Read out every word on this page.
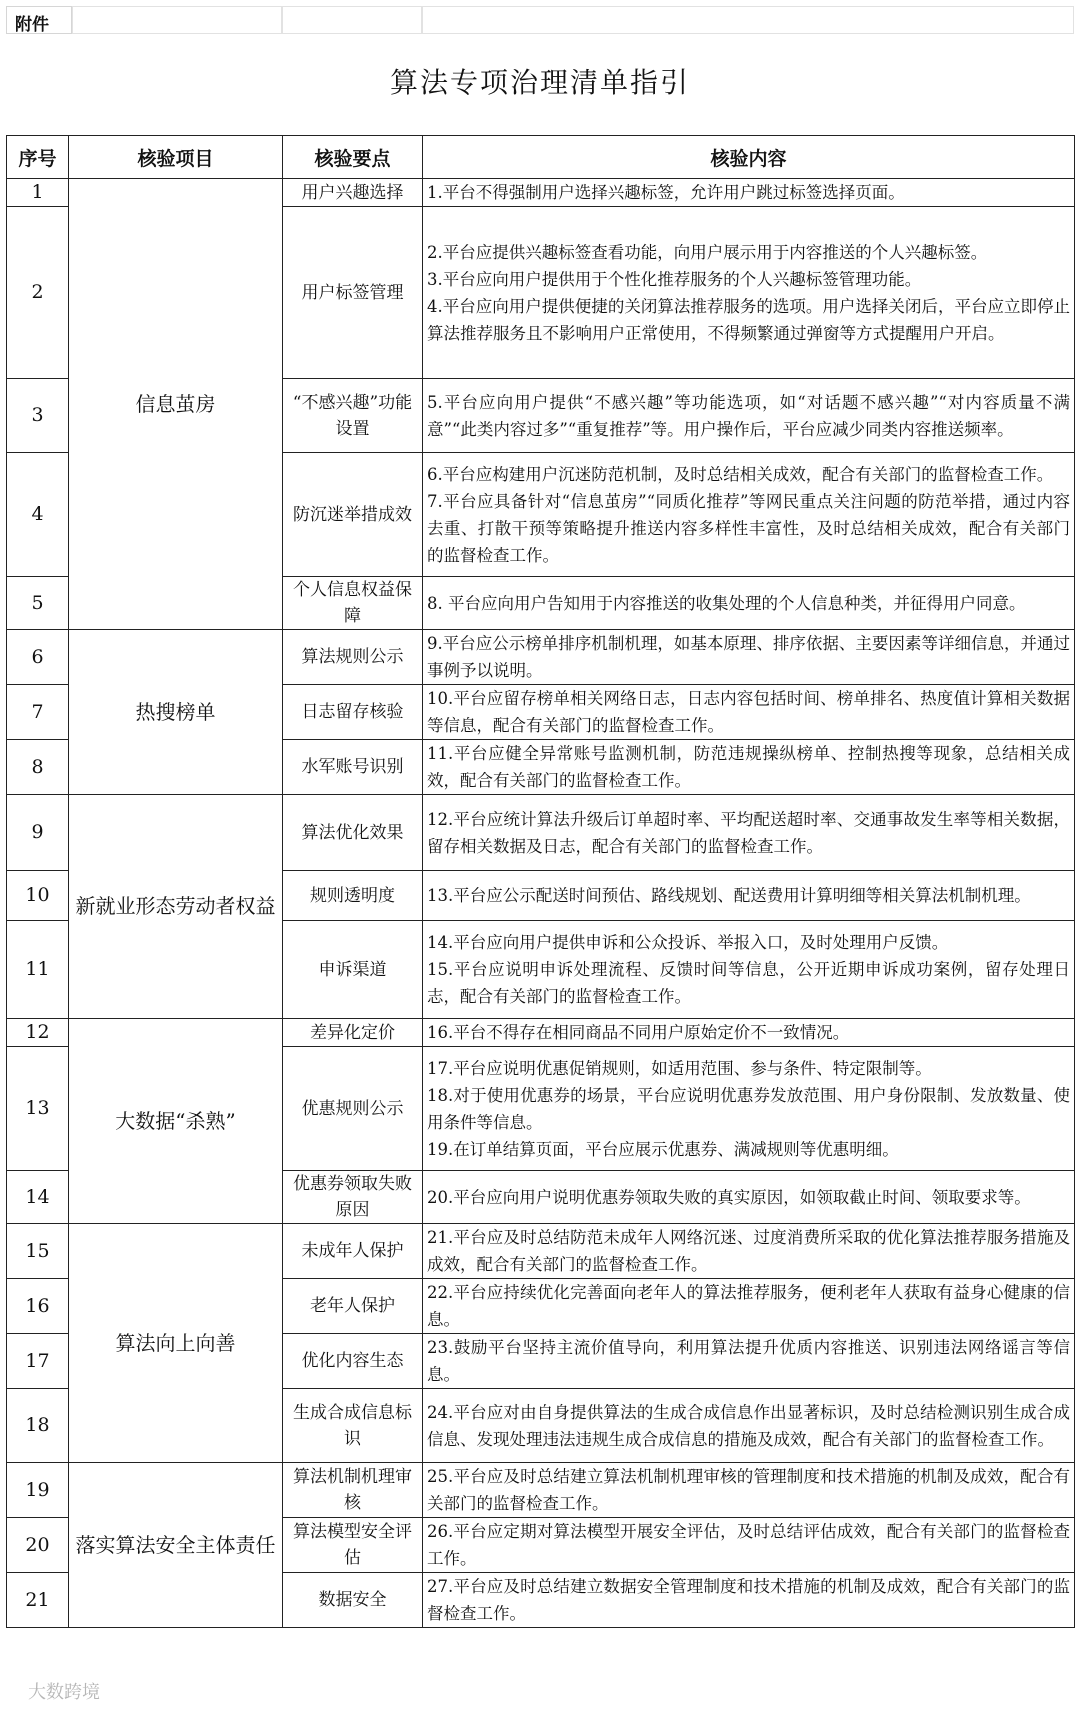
附件
算法专项治理清单指引
序号	核验项目	核验要点	核验内容
1	信息茧房	用户兴趣选择	1.平台不得强制用户选择兴趣标签，允许用户跳过标签选择页面。

2		用户标签管理	2.平台应提供兴趣标签查看功能，向用户展示用于内容推送的个人兴趣标签。
3.平台应向用户提供用于个性化推荐服务的个人兴趣标签管理功能。
4.平台应向用户提供便捷的关闭算法推荐服务的选项。用户选择关闭后，平台应立即停止算法推荐服务且不影响用户正常使用，不得频繁通过弹窗等方式提醒用户开启。

3		“不感兴趣”功能设置	5.平台应向用户提供“不感兴趣”等功能选项，如“对话题不感兴趣”“对内容质量不满意”“此类内容过多”“重复推荐”等。用户操作后，平台应减少同类内容推送频率。

4		防沉迷举措成效	6.平台应构建用户沉迷防范机制，及时总结相关成效，配合有关部门的监督检查工作。
7.平台应具备针对“信息茧房”“同质化推荐”等网民重点关注问题的防范举措，通过内容去重、打散干预等策略提升推送内容多样性丰富性，及时总结相关成效，配合有关部门的监督检查工作。

5		个人信息权益保障	8. 平台应向用户告知用于内容推送的收集处理的个人信息种类，并征得用户同意。

6	热搜榜单	算法规则公示	9.平台应公示榜单排序机制机理，如基本原理、排序依据、主要因素等详细信息，并通过事例予以说明。

7		日志留存核验	10.平台应留存榜单相关网络日志，日志内容包括时间、榜单排名、热度值计算相关数据等信息，配合有关部门的监督检查工作。

8		水军账号识别	11.平台应健全异常账号监测机制，防范违规操纵榜单、控制热搜等现象，总结相关成效，配合有关部门的监督检查工作。

9	新就业形态劳动者权益	算法优化效果	12.平台应统计算法升级后订单超时率、平均配送超时率、交通事故发生率等相关数据，留存相关数据及日志，配合有关部门的监督检查工作。

10		规则透明度	13.平台应公示配送时间预估、路线规划、配送费用计算明细等相关算法机制机理。

11		申诉渠道	14.平台应向用户提供申诉和公众投诉、举报入口，及时处理用户反馈。
15.平台应说明申诉处理流程、反馈时间等信息，公开近期申诉成功案例，留存处理日志，配合有关部门的监督检查工作。

12	大数据“杀熟”	差异化定价	16.平台不得存在相同商品不同用户原始定价不一致情况。

13		优惠规则公示	17.平台应说明优惠促销规则，如适用范围、参与条件、特定限制等。
18.对于使用优惠券的场景，平台应说明优惠券发放范围、用户身份限制、发放数量、使用条件等信息。
19.在订单结算页面，平台应展示优惠券、满减规则等优惠明细。

14		优惠券领取失败原因	20.平台应向用户说明优惠券领取失败的真实原因，如领取截止时间、领取要求等。

15	算法向上向善	未成年人保护	21.平台应及时总结防范未成年人网络沉迷、过度消费所采取的优化算法推荐服务措施及成效，配合有关部门的监督检查工作。

16		老年人保护	22.平台应持续优化完善面向老年人的算法推荐服务，便利老年人获取有益身心健康的信息。

17		优化内容生态	23.鼓励平台坚持主流价值导向，利用算法提升优质内容推送、识别违法网络谣言等信息。

18		生成合成信息标识	24.平台应对由自身提供算法的生成合成信息作出显著标识，及时总结检测识别生成合成信息、发现处理违法违规生成合成信息的措施及成效，配合有关部门的监督检查工作。

19	落实算法安全主体责任	算法机制机理审核	25.平台应及时总结建立算法机制机理审核的管理制度和技术措施的机制及成效，配合有关部门的监督检查工作。

20		算法模型安全评估	26.平台应定期对算法模型开展安全评估，及时总结评估成效，配合有关部门的监督检查工作。

21		数据安全	27.平台应及时总结建立数据安全管理制度和技术措施的机制及成效，配合有关部门的监督检查工作。
大数跨境
